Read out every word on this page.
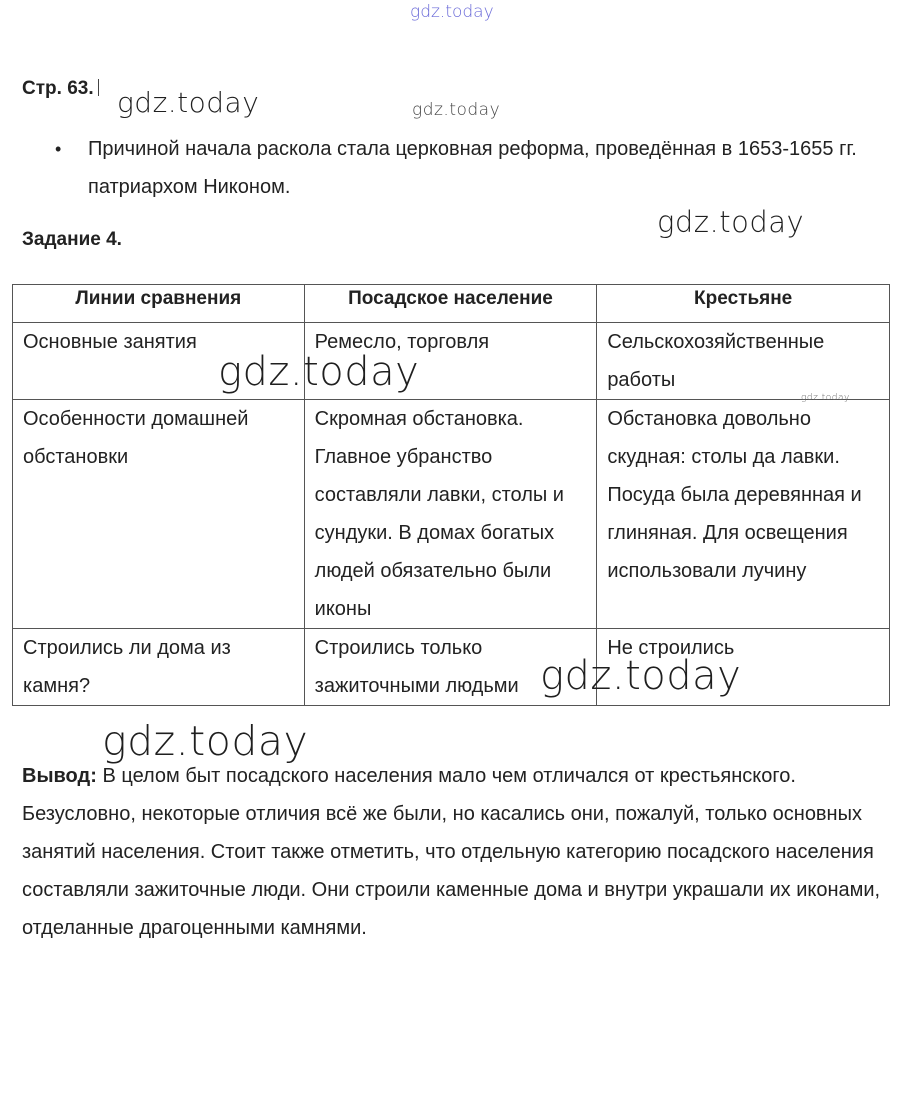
Стр. 63.
• Причиной начала раскола стала церковная реформа, проведённая в 1653-1655 гг. патриархом Никоном.
Задание 4.
Линии сравнения	Посадское население	Крестьяне
Основные занятия	Ремесло, торговля	Сельскохозяйственные работы
Особенности домашней обстановки	Скромная обстановка. Главное убранство составляли лавки, столы и сундуки. В домах богатых людей обязательно были иконы	Обстановка довольно скудная: столы да лавки. Посуда была деревянная и глиняная. Для освещения использовали лучину
Строились ли дома из камня?	Строились только зажиточными людьми	Не строились
Вывод: В целом быт посадского населения мало чем отличался от крестьянского. Безусловно, некоторые отличия всё же были, но касались они, пожалуй, только основных занятий населения. Стоит также отметить, что отдельную категорию посадского населения составляли зажиточные люди. Они строили каменные дома и внутри украшали их иконами, отделанные драгоценными камнями.
gdz.today
gdz.today	gdz.today
gdz.today
gdz.today
gdz.today
gdz.today
gdz.today
